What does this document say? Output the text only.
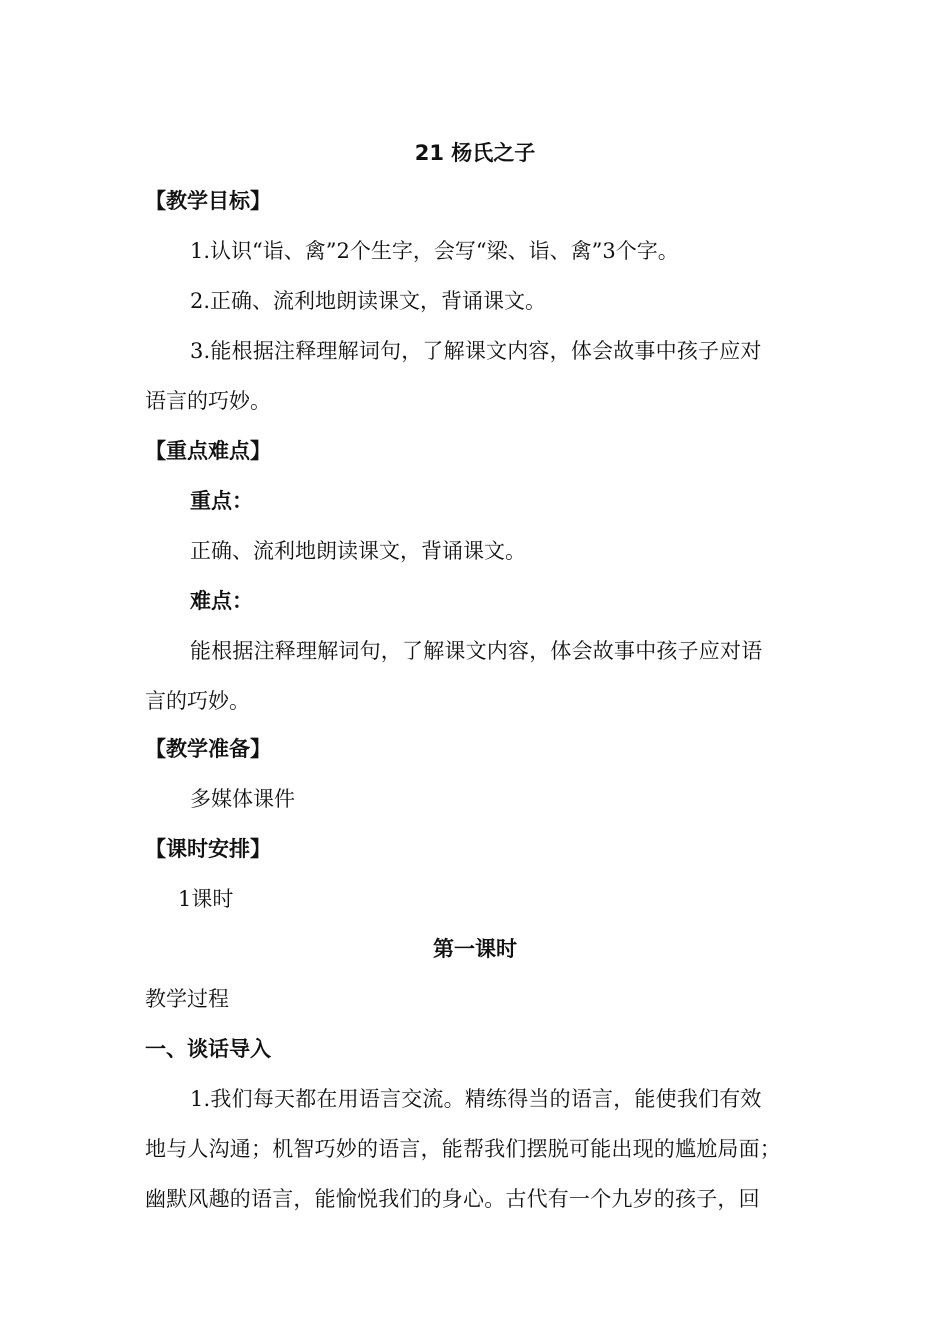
21 杨氏之子
【教学目标】
1.认识“诣、禽”2个生字，会写“梁、诣、禽”3个字。
2.正确、流利地朗读课文，背诵课文。
3.能根据注释理解词句，了解课文内容，体会故事中孩子应对
语言的巧妙。
【重点难点】
重点：
正确、流利地朗读课文，背诵课文。
难点：
能根据注释理解词句，了解课文内容，体会故事中孩子应对语
言的巧妙。
【教学准备】
多媒体课件
【课时安排】
1课时
第一课时
教学过程
一、谈话导入
1.我们每天都在用语言交流。精练得当的语言，能使我们有效
地与人沟通；机智巧妙的语言，能帮我们摆脱可能出现的尴尬局面；
幽默风趣的语言，能愉悦我们的身心。古代有一个九岁的孩子，回
